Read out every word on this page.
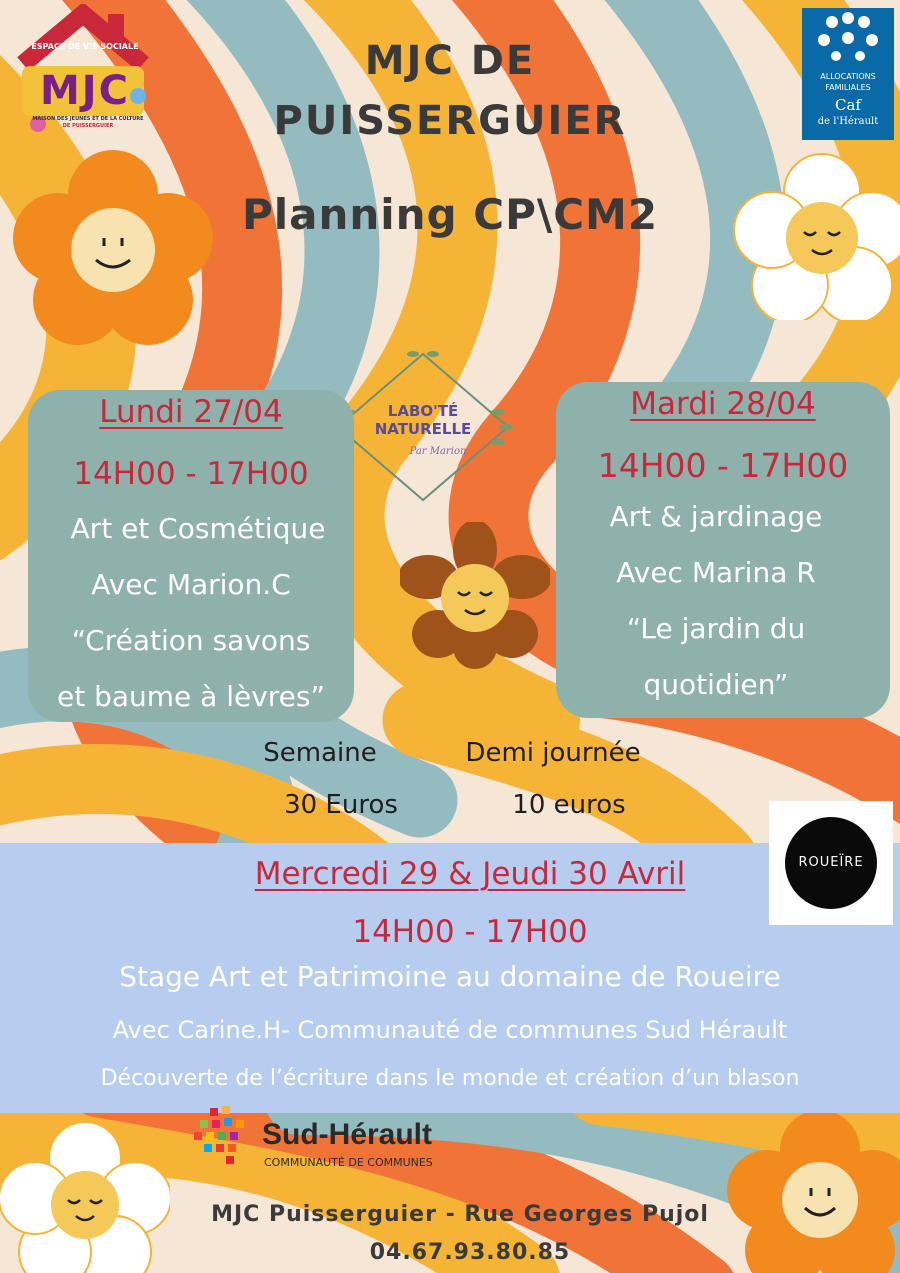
MJC
ESPACE DE VIE SOCIALE
MAISON DES JEUNES ET DE LA CULTURE
DE PUISSERGUIER
ALLOCATIONS
FAMILIALES
Caf
de l'Hérault
MJC DE
PUISSERGUIER
Planning CP\CM2
LABO'TÉ
NATURELLE
Par Marion
Lundi 27/04
14H00 - 17H00
Art et Cosmétique
Avec Marion.C
“Création savons
et baume à lèvres”
Mardi 28/04
14H00 - 17H00
Art & jardinage
Avec Marina R
“Le jardin du
quotidien”
Semaine
30 Euros
Demi journée
10 euros
ROUEÏRE
Mercredi 29 & Jeudi 30 Avril
14H00 - 17H00
Stage Art et Patrimoine au domaine de Roueire
Avec Carine.H- Communauté de communes Sud Hérault
Découverte de l’écriture dans le monde et création d’un blason
Sud-Hérault
COMMUNAUTÉ DE COMMUNES
MJC Puisserguier - Rue Georges Pujol
04.67.93.80.85
